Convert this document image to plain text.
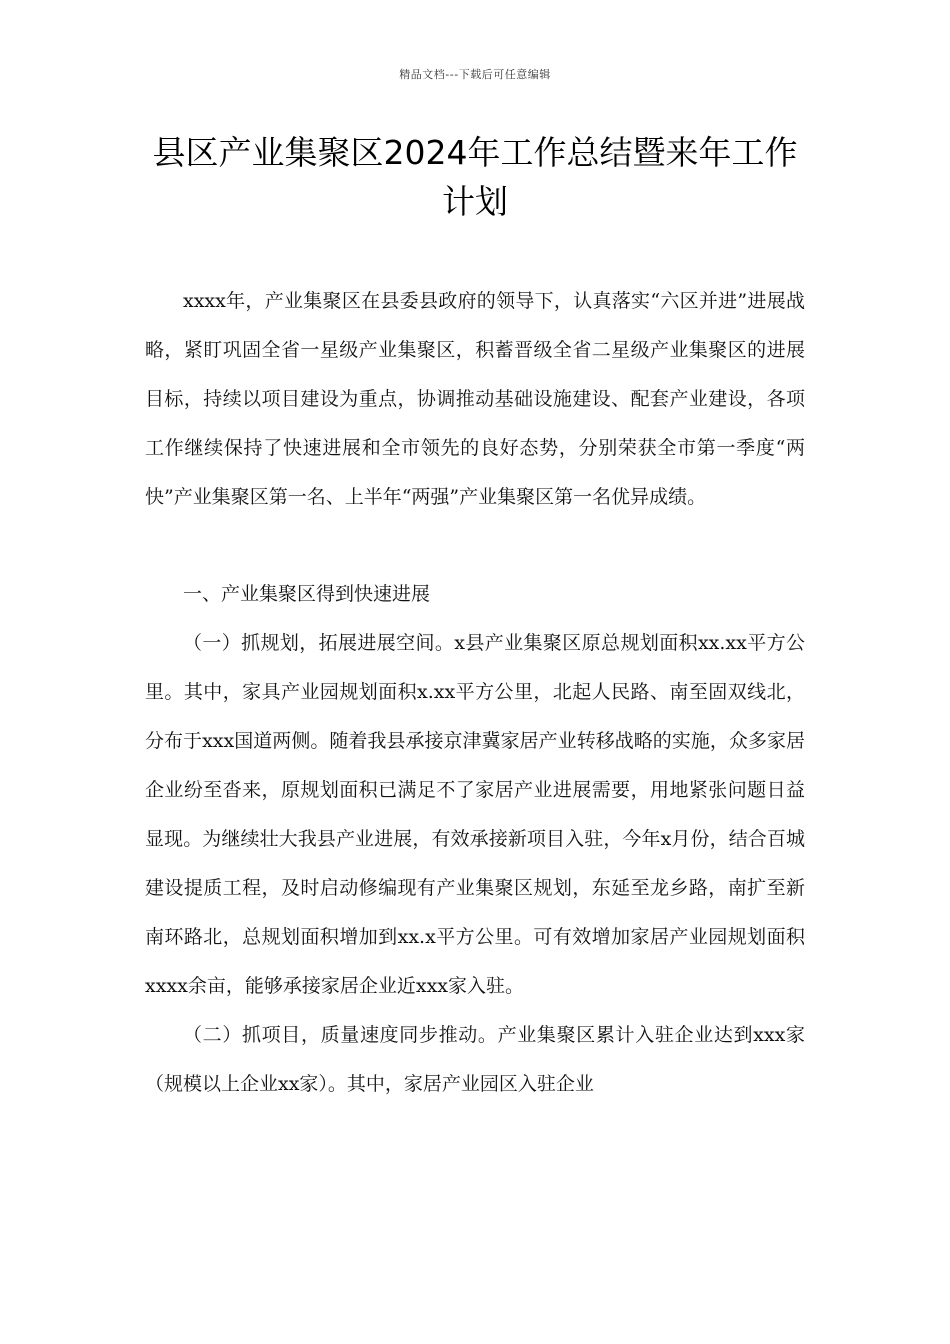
精品文档---下载后可任意编辑
县区产业集聚区2024年工作总结暨来年工作计划

xxxx年，产业集聚区在县委县政府的领导下，认真落实“六区并进”进展战略，紧盯巩固全省一星级产业集聚区，积蓄晋级全省二星级产业集聚区的进展目标，持续以项目建设为重点，协调推动基础设施建设、配套产业建设，各项工作继续保持了快速进展和全市领先的良好态势，分别荣获全市第一季度“两快”产业集聚区第一名、上半年“两强”产业集聚区第一名优异成绩。

一、产业集聚区得到快速进展

（一）抓规划，拓展进展空间。x县产业集聚区原总规划面积xx.xx平方公里。其中，家具产业园规划面积x.xx平方公里，北起人民路、南至固双线北，分布于xxx国道两侧。随着我县承接京津冀家居产业转移战略的实施，众多家居企业纷至沓来，原规划面积已满足不了家居产业进展需要，用地紧张问题日益显现。为继续壮大我县产业进展，有效承接新项目入驻，今年x月份，结合百城建设提质工程，及时启动修编现有产业集聚区规划，东延至龙乡路，南扩至新南环路北，总规划面积增加到xx.x平方公里。可有效增加家居产业园规划面积xxxx余亩，能够承接家居企业近xxx家入驻。

（二）抓项目，质量速度同步推动。产业集聚区累计入驻企业达到xxx家（规模以上企业xx家）。其中，家居产业园区入驻企业
